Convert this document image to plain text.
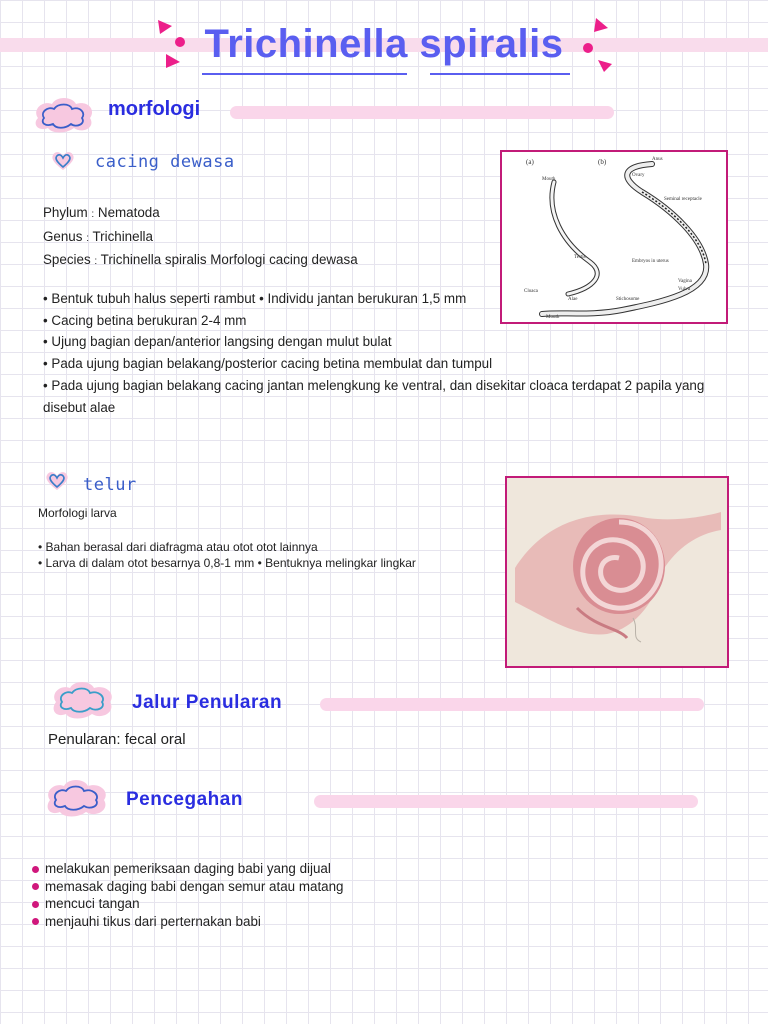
Trichinella spiralis
morfologi
cacing dewasa
Phylum : Nematoda
Genus : Trichinella
Species : Trichinella spiralis Morfologi cacing dewasa
• Bentuk tubuh halus seperti rambut • Individu jantan berukuran 1,5 mm
• Cacing betina berukuran 2-4 mm
• Ujung bagian depan/anterior langsing dengan mulut bulat
• Pada ujung bagian belakang/posterior cacing betina membulat dan tumpul
• Pada ujung bagian belakang cacing jantan melengkung ke ventral, dan disekitar cloaca terdapat 2 papila yang disebut alae
(a)	(b)	Anus
Ovary
Mouth
Seminal receptacle
Testis
Embryos in uterus
Cloaca
Alae
Vagina
Vulva
Stichosome
Mouth
telur
Morfologi larva
• Bahan berasal dari diafragma atau otot otot lainnya
• Larva di dalam otot besarnya 0,8-1 mm • Bentuknya melingkar lingkar
Jalur Penularan
Penularan: fecal oral
Pencegahan
melakukan pemeriksaan daging babi yang dijual
memasak daging babi dengan semur atau matang
mencuci tangan
menjauhi tikus dari perternakan babi
